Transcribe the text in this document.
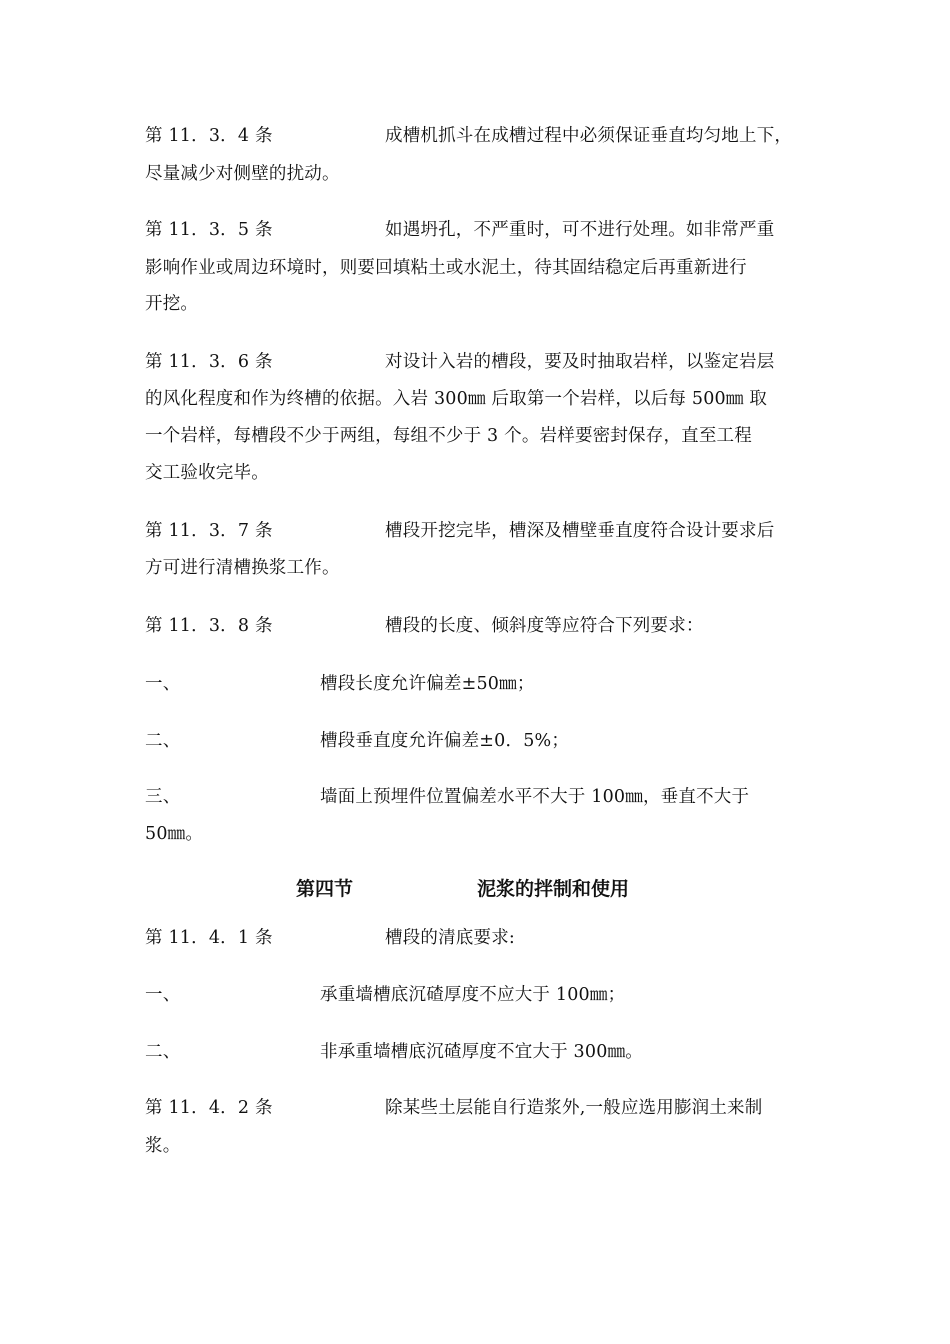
第 11．3．4 条	成槽机抓斗在成槽过程中必须保证垂直均匀地上下，
尽量减少对侧壁的扰动。
第 11．3．5 条	如遇坍孔，不严重时，可不进行处理。如非常严重
影响作业或周边环境时，则要回填粘土或水泥土，待其固结稳定后再重新进行
开挖。
第 11．3．6 条	对设计入岩的槽段，要及时抽取岩样，以鉴定岩层
的风化程度和作为终槽的依据。入岩 300㎜ 后取第一个岩样，以后每 500㎜ 取
一个岩样，每槽段不少于两组，每组不少于 3 个。岩样要密封保存，直至工程
交工验收完毕。
第 11．3．7 条	槽段开挖完毕，槽深及槽壁垂直度符合设计要求后
方可进行清槽换浆工作。
第 11．3．8 条	槽段的长度、倾斜度等应符合下列要求：
一、	槽段长度允许偏差±50㎜；
二、	槽段垂直度允许偏差±0．5%；
三、	墙面上预埋件位置偏差水平不大于 100㎜，垂直不大于
50㎜。
第四节	泥浆的拌制和使用
第 11．4．1 条	槽段的清底要求:
一、	承重墙槽底沉碴厚度不应大于 100㎜；
二、	非承重墙槽底沉碴厚度不宜大于 300㎜。
第 11．4．2 条	除某些土层能自行造浆外,一般应选用膨润土来制
浆。
